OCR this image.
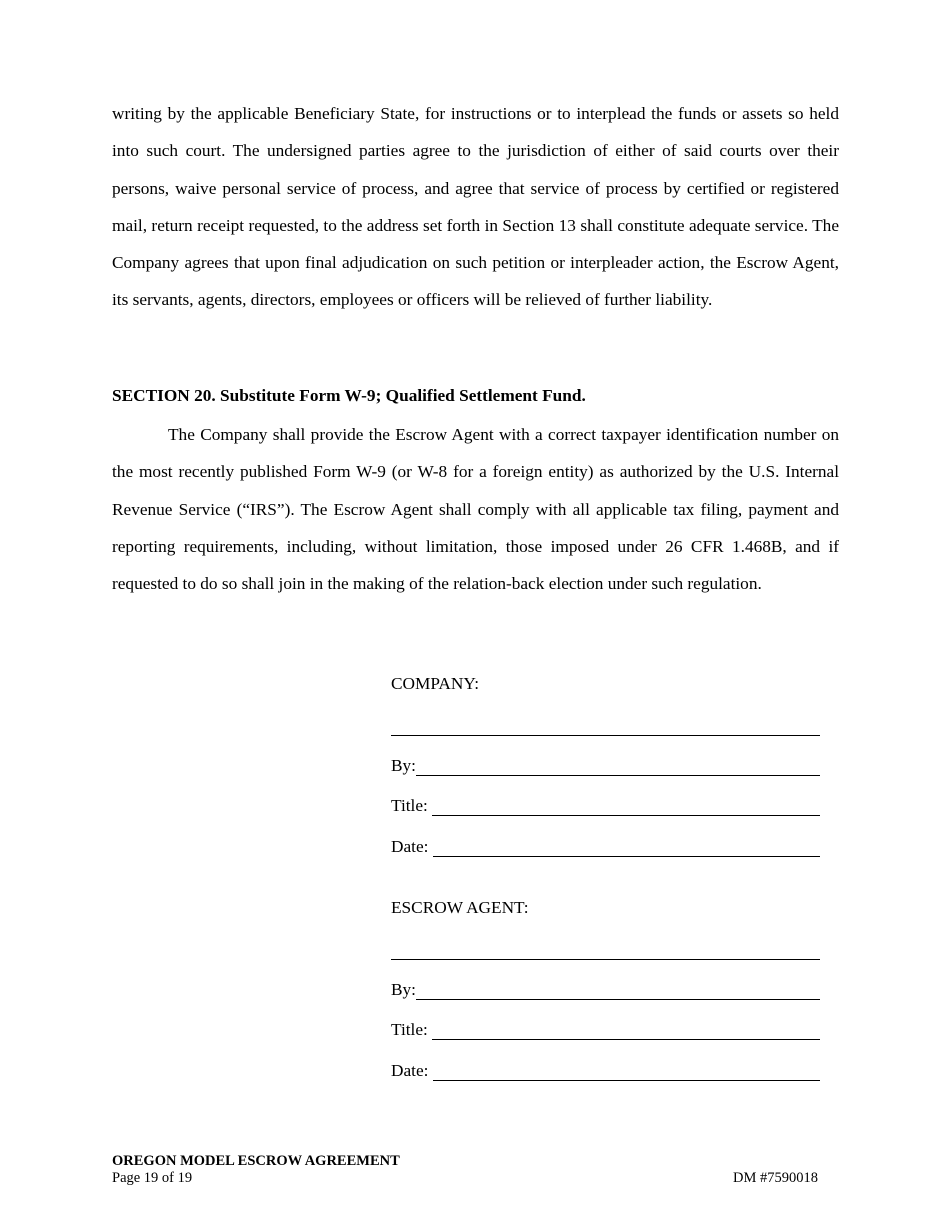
writing by the applicable Beneficiary State, for instructions or to interplead the funds or assets so held into such court. The undersigned parties agree to the jurisdiction of either of said courts over their persons, waive personal service of process, and agree that service of process by certified or registered mail, return receipt requested, to the address set forth in Section 13 shall constitute adequate service. The Company agrees that upon final adjudication on such petition or interpleader action, the Escrow Agent, its servants, agents, directors, employees or officers will be relieved of further liability.

SECTION 20. Substitute Form W-9; Qualified Settlement Fund.

The Company shall provide the Escrow Agent with a correct taxpayer identification number on the most recently published Form W-9 (or W-8 for a foreign entity) as authorized by the U.S. Internal Revenue Service (“IRS”). The Escrow Agent shall comply with all applicable tax filing, payment and reporting requirements, including, without limitation, those imposed under 26 CFR 1.468B, and if requested to do so shall join in the making of the relation-back election under such regulation.

COMPANY:
By:
Title:
Date:
ESCROW AGENT:
By:
Title:
Date:
OREGON MODEL ESCROW AGREEMENT
Page 19 of 19	DM #7590018
